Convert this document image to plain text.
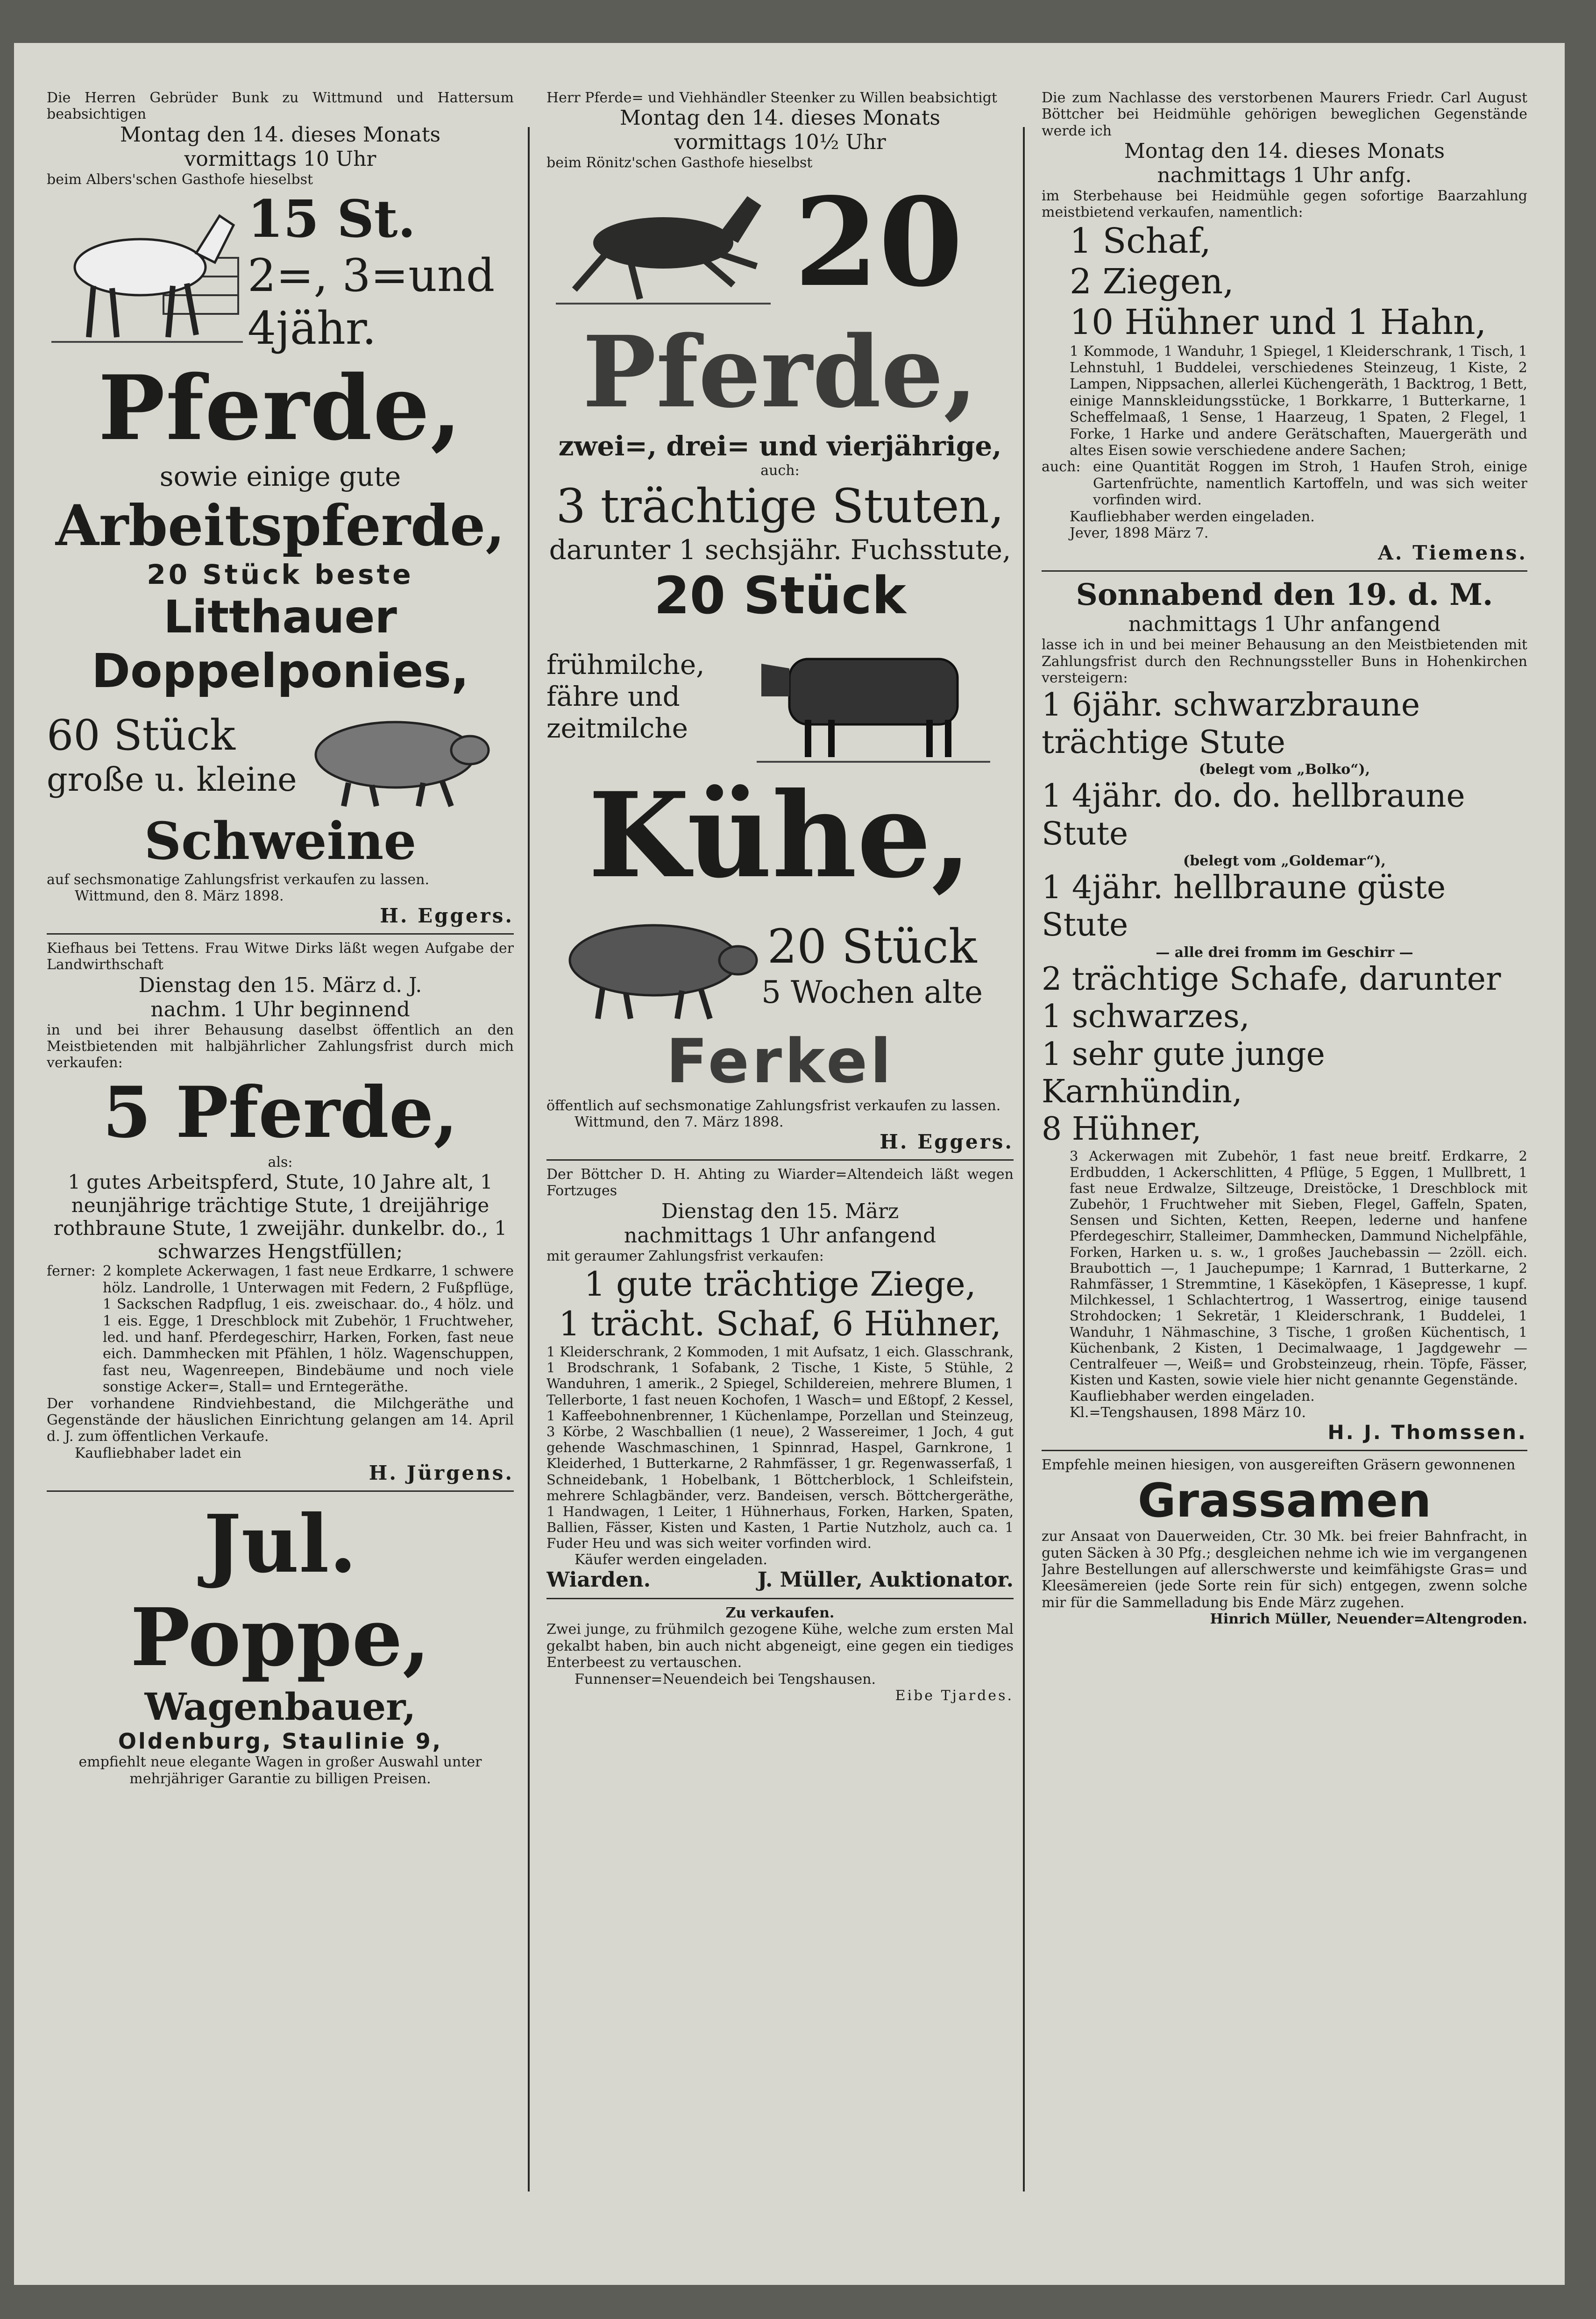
Die Herren Gebrüder Bunk zu Wittmund und Hattersum beabsichtigen

Montag den 14. dieses Monats

vormittags 10 Uhr

beim Albers'schen Gasthofe hieselbst

15 St.

2=, 3=und

4jähr.

Pferde,

sowie einige gute

Arbeitspferde,

20 Stück beste

Litthauer

Doppelponies,

60 Stück

große u. kleine

Schweine

auf sechsmonatige Zahlungsfrist verkaufen zu lassen.

Wittmund, den 8. März 1898.

H. Eggers.

Kiefhaus bei Tettens. Frau Witwe Dirks läßt wegen Aufgabe der Landwirthschaft

Dienstag den 15. März d. J.

nachm. 1 Uhr beginnend

in und bei ihrer Behausung daselbst öffentlich an den Meistbietenden mit halbjährlicher Zahlungsfrist durch mich verkaufen:

5 Pferde,

als:

1 gutes Arbeitspferd, Stute, 10 Jahre alt, 1 neunjährige trächtige Stute, 1 dreijährige rothbraune Stute, 1 zweijähr. dunkelbr. do., 1 schwarzes Hengstfüllen;

ferner: 2 komplete Ackerwagen, 1 fast neue Erdkarre, 1 schwere hölz. Landrolle, 1 Unterwagen mit Federn, 2 Fußpflüge, 1 Sackschen Radpflug, 1 eis. zweischaar. do., 4 hölz. und 1 eis. Egge, 1 Dreschblock mit Zubehör, 1 Fruchtweher, led. und hanf. Pferdegeschirr, Harken, Forken, fast neue eich. Dammhecken mit Pfählen, 1 hölz. Wagenschuppen, fast neu, Wagenreepen, Bindebäume und noch viele sonstige Acker=, Stall= und Erntegeräthe.

Der vorhandene Rindviehbestand, die Milchgeräthe und Gegenstände der häuslichen Einrichtung gelangen am 14. April d. J. zum öffentlichen Verkaufe.

Kaufliebhaber ladet ein

H. Jürgens.

Jul. Poppe,

Wagenbauer,

Oldenburg, Staulinie 9,

empfiehlt neue elegante Wagen in großer Auswahl unter mehrjähriger Garantie zu billigen Preisen.

Herr Pferde= und Viehhändler Steenker zu Willen beabsichtigt

Montag den 14. dieses Monats

vormittags 10½ Uhr

beim Rönitz'schen Gasthofe hieselbst

20

Pferde,

zwei=, drei= und vierjährige,

auch:

3 trächtige Stuten,

darunter 1 sechsjähr. Fuchsstute,

20 Stück

frühmilche, fähre und zeitmilche

Kühe,

20 Stück

5 Wochen alte

Ferkel

öffentlich auf sechsmonatige Zahlungsfrist verkaufen zu lassen.

Wittmund, den 7. März 1898.

H. Eggers.

Der Böttcher D. H. Ahting zu Wiarder=Altendeich läßt wegen Fortzuges

Dienstag den 15. März

nachmittags 1 Uhr anfangend

mit geraumer Zahlungsfrist verkaufen:

1 gute trächtige Ziege,

1 trächt. Schaf, 6 Hühner,

1 Kleiderschrank, 2 Kommoden, 1 mit Aufsatz, 1 eich. Glasschrank, 1 Brodschrank, 1 Sofabank, 2 Tische, 1 Kiste, 5 Stühle, 2 Wanduhren, 1 amerik., 2 Spiegel, Schildereien, mehrere Blumen, 1 Tellerborte, 1 fast neuen Kochofen, 1 Wasch= und Eßtopf, 2 Kessel, 1 Kaffeebohnenbrenner, 1 Küchenlampe, Porzellan und Steinzeug, 3 Körbe, 2 Waschballien (1 neue), 2 Wassereimer, 1 Joch, 4 gut gehende Waschmaschinen, 1 Spinnrad, Haspel, Garnkrone, 1 Kleiderhed, 1 Butterkarne, 2 Rahmfässer, 1 gr. Regenwasserfaß, 1 Schneidebank, 1 Hobelbank, 1 Böttcherblock, 1 Schleifstein, mehrere Schlagbänder, verz. Bandeisen, versch. Böttchergeräthe, 1 Handwagen, 1 Leiter, 1 Hühnerhaus, Forken, Harken, Spaten, Ballien, Fässer, Kisten und Kasten, 1 Partie Nutzholz, auch ca. 1 Fuder Heu und was sich weiter vorfinden wird.

Käufer werden eingeladen.

Wiarden.	J. Müller, Auktionator.

Zu verkaufen.

Zwei junge, zu frühmilch gezogene Kühe, welche zum ersten Mal gekalbt haben, bin auch nicht abgeneigt, eine gegen ein tiediges Enterbeest zu vertauschen.

Funnenser=Neuendeich bei Tengshausen.

Eibe Tjardes.

Die zum Nachlasse des verstorbenen Maurers Friedr. Carl August Böttcher bei Heidmühle gehörigen beweglichen Gegenstände werde ich

Montag den 14. dieses Monats

nachmittags 1 Uhr anfg.

im Sterbehause bei Heidmühle gegen sofortige Baarzahlung meistbietend verkaufen, namentlich:

1 Schaf,

2 Ziegen,

10 Hühner und 1 Hahn,

1 Kommode, 1 Wanduhr, 1 Spiegel, 1 Kleiderschrank, 1 Tisch, 1 Lehnstuhl, 1 Buddelei, verschiedenes Steinzeug, 1 Kiste, 2 Lampen, Nippsachen, allerlei Küchengeräth, 1 Backtrog, 1 Bett, einige Mannskleidungsstücke, 1 Borkkarre, 1 Butterkarne, 1 Scheffelmaaß, 1 Sense, 1 Haarzeug, 1 Spaten, 2 Flegel, 1 Forke, 1 Harke und andere Gerätschaften, Mauergeräth und altes Eisen sowie verschiedene andere Sachen;

auch: eine Quantität Roggen im Stroh, 1 Haufen Stroh, einige Gartenfrüchte, namentlich Kartoffeln, und was sich weiter vorfinden wird.

Kaufliebhaber werden eingeladen.

Jever, 1898 März 7.

A. Tiemens.

Sonnabend den 19. d. M.

nachmittags 1 Uhr anfangend

lasse ich in und bei meiner Behausung an den Meistbietenden mit Zahlungsfrist durch den Rechnungssteller Buns in Hohenkirchen versteigern:

1 6jähr. schwarzbraune trächtige Stute

(belegt vom „Bolko“),

1 4jähr. do. do. hellbraune Stute

(belegt vom „Goldemar“),

1 4jähr. hellbraune güste Stute

— alle drei fromm im Geschirr —

2 trächtige Schafe, darunter 1 schwarzes,

1 sehr gute junge Karnhündin,

8 Hühner,

3 Ackerwagen mit Zubehör, 1 fast neue breitf. Erdkarre, 2 Erdbudden, 1 Ackerschlitten, 4 Pflüge, 5 Eggen, 1 Mullbrett, 1 fast neue Erdwalze, Siltzeuge, Dreistöcke, 1 Dreschblock mit Zubehör, 1 Fruchtweher mit Sieben, Flegel, Gaffeln, Spaten, Sensen und Sichten, Ketten, Reepen, lederne und hanfene Pferdegeschirr, Stalleimer, Dammhecken, Dammund Nichelpfähle, Forken, Harken u. s. w., 1 großes Jauchebassin — 2zöll. eich. Braubottich —, 1 Jauchepumpe; 1 Karnrad, 1 Butterkarne, 2 Rahmfässer, 1 Stremmtine, 1 Käseköpfen, 1 Käsepresse, 1 kupf. Milchkessel, 1 Schlachtertrog, 1 Wassertrog, einige tausend Strohdocken; 1 Sekretär, 1 Kleiderschrank, 1 Buddelei, 1 Wanduhr, 1 Nähmaschine, 3 Tische, 1 großen Küchentisch, 1 Küchenbank, 2 Kisten, 1 Decimalwaage, 1 Jagdgewehr — Centralfeuer —, Weiß= und Grobsteinzeug, rhein. Töpfe, Fässer, Kisten und Kasten, sowie viele hier nicht genannte Gegenstände.

Kaufliebhaber werden eingeladen.

Kl.=Tengshausen, 1898 März 10.

H. J. Thomssen.

Empfehle meinen hiesigen, von ausgereiften Gräsern gewonnenen

Grassamen

zur Ansaat von Dauerweiden, Ctr. 30 Mk. bei freier Bahnfracht, in guten Säcken à 30 Pfg.; desgleichen nehme ich wie im vergangenen Jahre Bestellungen auf allerschwerste und keimfähigste Gras= und Kleesämereien (jede Sorte rein für sich) entgegen, zwenn solche mir für die Sammelladung bis Ende März zugehen.

Hinrich Müller, Neuender=Altengroden.
